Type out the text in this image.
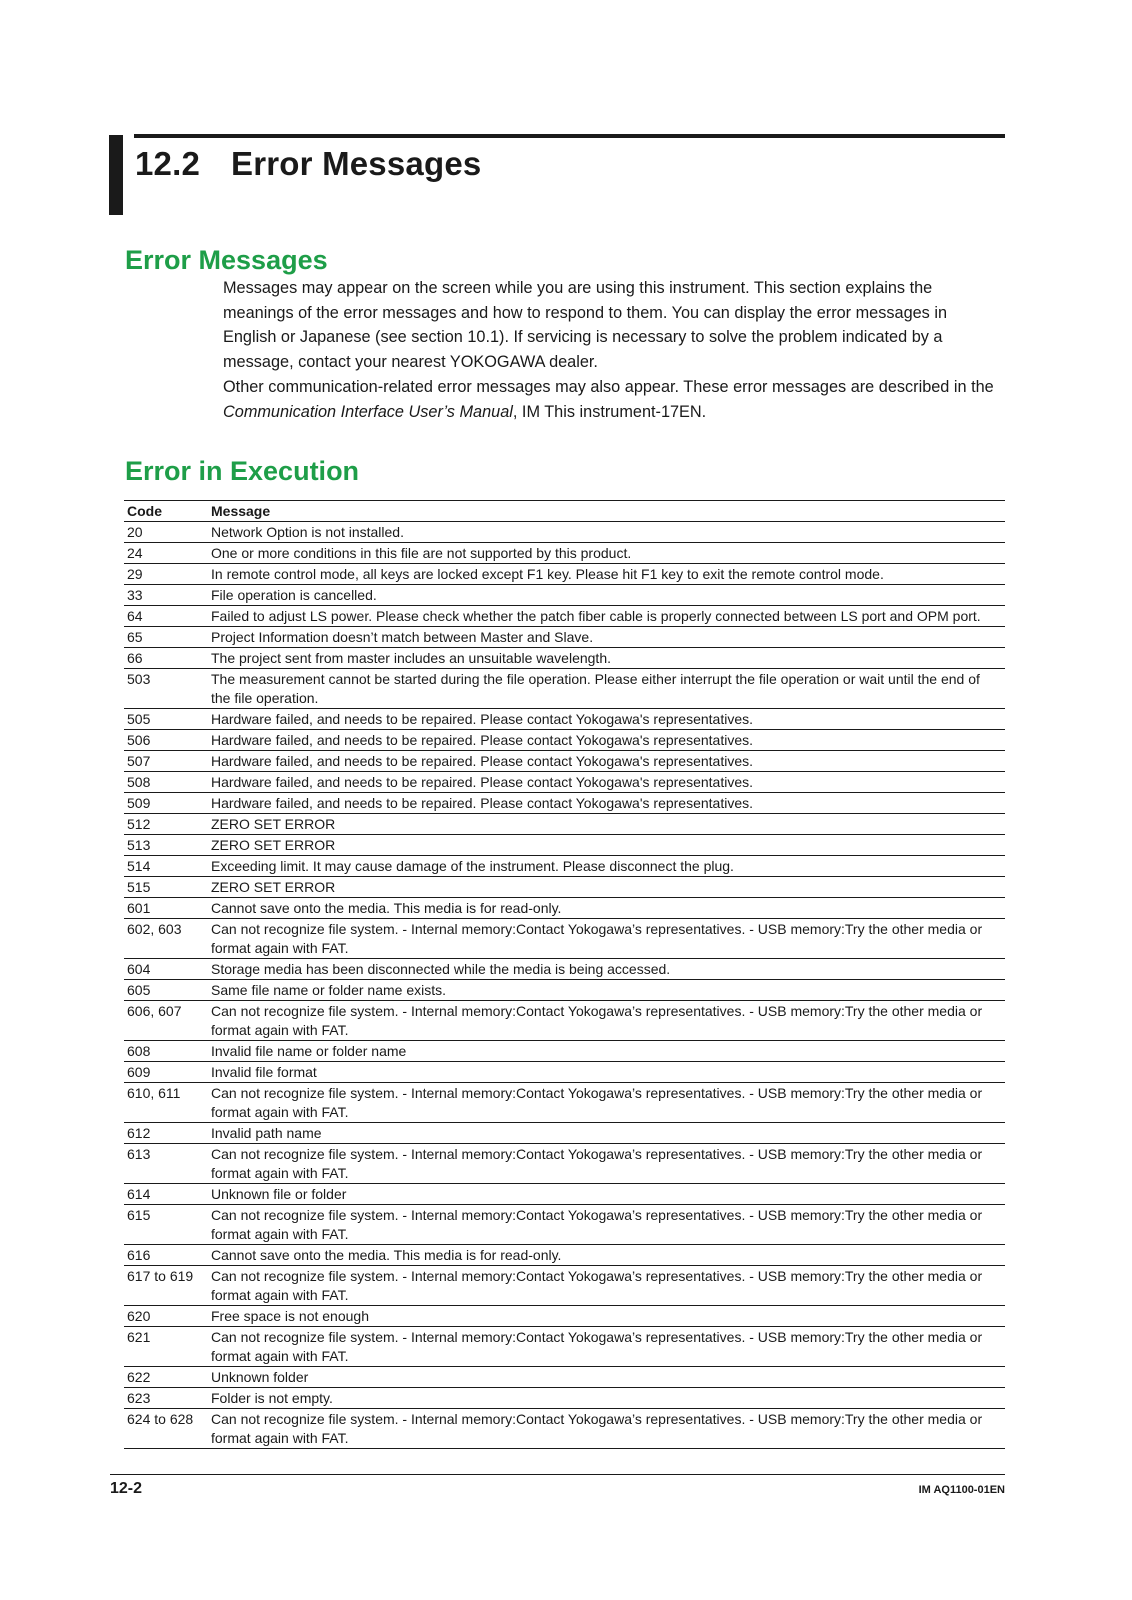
12.2 Error Messages
Error Messages

Messages may appear on the screen while you are using this instrument. This section explains the meanings of the error messages and how to respond to them. You can display the error messages in English or Japanese (see section 10.1). If servicing is necessary to solve the problem indicated by a message, contact your nearest YOKOGAWA dealer.

Other communication-related error messages may also appear. These error messages are described in the Communication Interface User’s Manual, IM This instrument-17EN.

Error in Execution
Code	Message
20	Network Option is not installed.
24	One or more conditions in this file are not supported by this product.
29	In remote control mode, all keys are locked except F1 key. Please hit F1 key to exit the remote control mode.
33	File operation is cancelled.
64	Failed to adjust LS power. Please check whether the patch fiber cable is properly connected between LS port and OPM port.
65	Project Information doesn’t match between Master and Slave.
66	The project sent from master includes an unsuitable wavelength.
503	The measurement cannot be started during the file operation. Please either interrupt the file operation or wait until the end of the file operation.
505	Hardware failed, and needs to be repaired. Please contact Yokogawa's representatives.
506	Hardware failed, and needs to be repaired. Please contact Yokogawa's representatives.
507	Hardware failed, and needs to be repaired. Please contact Yokogawa's representatives.
508	Hardware failed, and needs to be repaired. Please contact Yokogawa's representatives.
509	Hardware failed, and needs to be repaired. Please contact Yokogawa's representatives.
512	ZERO SET ERROR
513	ZERO SET ERROR
514	Exceeding limit. It may cause damage of the instrument. Please disconnect the plug.
515	ZERO SET ERROR
601	Cannot save onto the media. This media is for read-only.
602, 603	Can not recognize file system. - Internal memory:Contact Yokogawa’s representatives. - USB memory:Try the other media or format again with FAT.
604	Storage media has been disconnected while the media is being accessed.
605	Same file name or folder name exists.
606, 607	Can not recognize file system. - Internal memory:Contact Yokogawa’s representatives. - USB memory:Try the other media or format again with FAT.
608	Invalid file name or folder name
609	Invalid file format
610, 611	Can not recognize file system. - Internal memory:Contact Yokogawa’s representatives. - USB memory:Try the other media or format again with FAT.
612	Invalid path name
613	Can not recognize file system. - Internal memory:Contact Yokogawa’s representatives. - USB memory:Try the other media or format again with FAT.
614	Unknown file or folder
615	Can not recognize file system. - Internal memory:Contact Yokogawa’s representatives. - USB memory:Try the other media or format again with FAT.
616	Cannot save onto the media. This media is for read-only.
617 to 619	Can not recognize file system. - Internal memory:Contact Yokogawa’s representatives. - USB memory:Try the other media or format again with FAT.
620	Free space is not enough
621	Can not recognize file system. - Internal memory:Contact Yokogawa’s representatives. - USB memory:Try the other media or format again with FAT.
622	Unknown folder
623	Folder is not empty.
624 to 628	Can not recognize file system. - Internal memory:Contact Yokogawa’s representatives. - USB memory:Try the other media or format again with FAT.
12-2	IM AQ1100-01EN
